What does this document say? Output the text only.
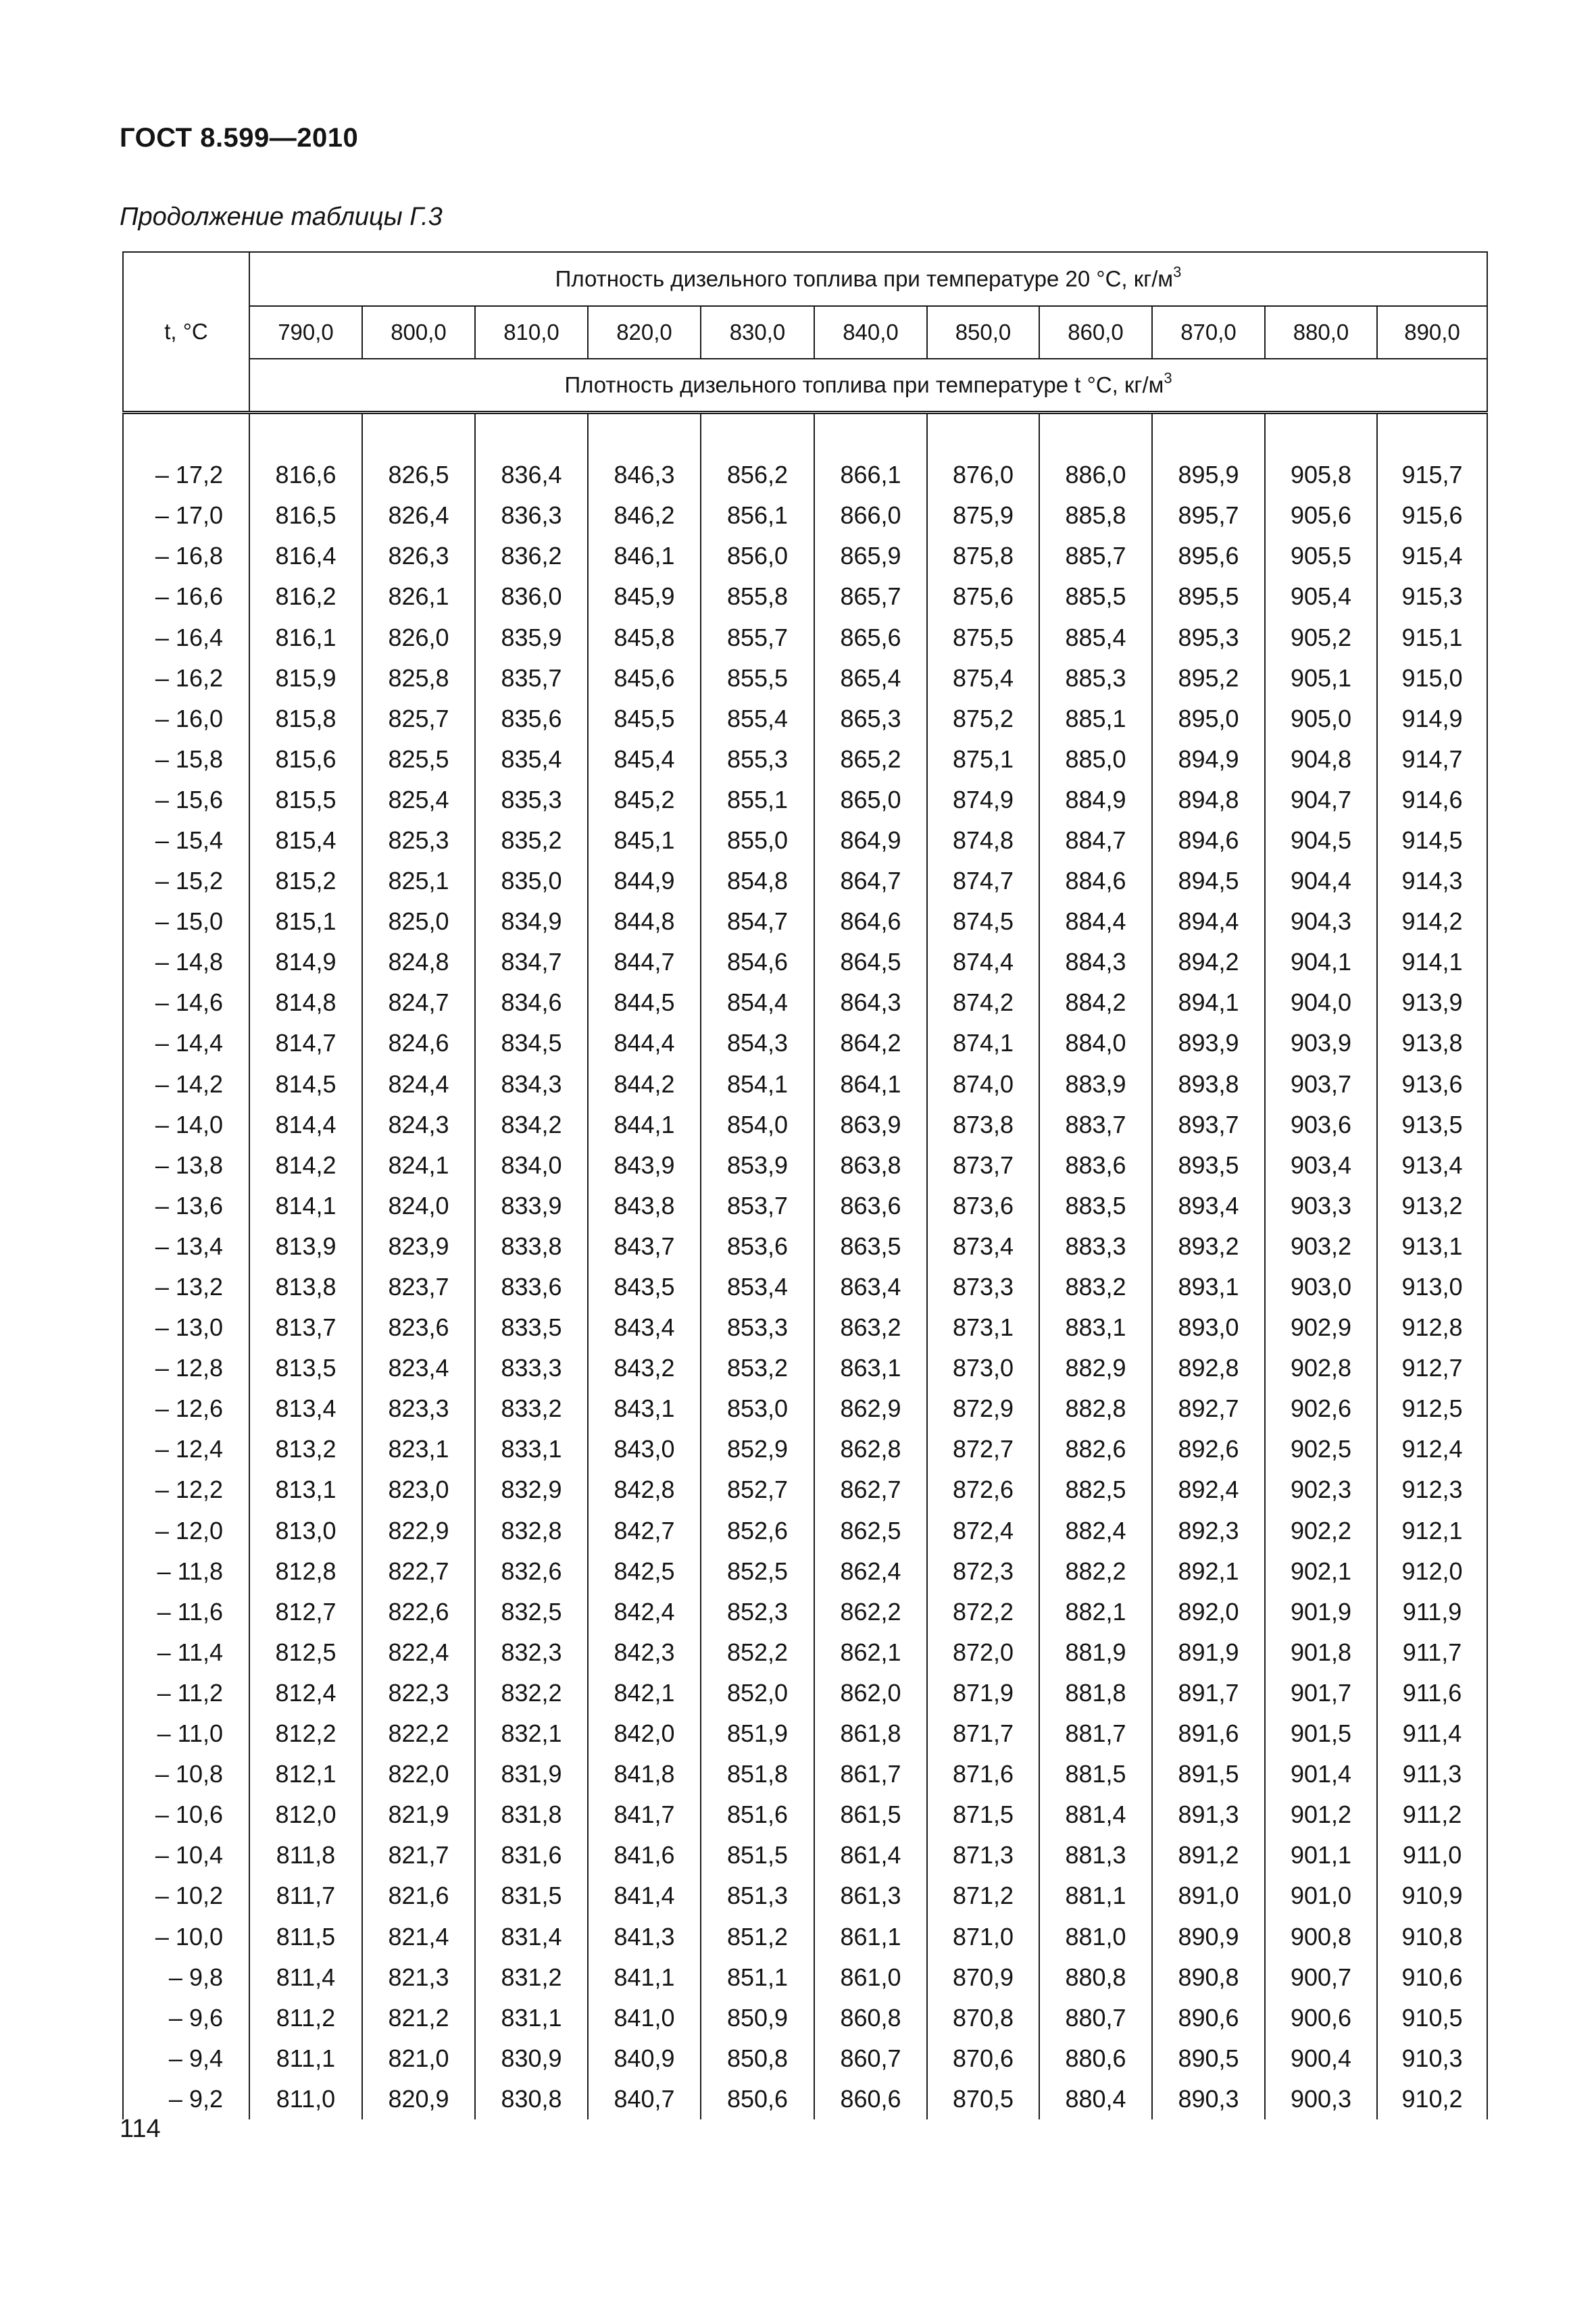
ГОСТ 8.599—2010
Продолжение таблицы Г.3
t, °C	Плотность дизельного топлива при температуре 20 °С, $кг/м^3$
	790,0	800,0	810,0	820,0	830,0	840,0	850,0	860,0	870,0	880,0	890,0
	Плотность дизельного топлива при температуре t °С, $кг/м^3$

– 17,2	816,6	826,5	836,4	846,3	856,2	866,1	876,0	886,0	895,9	905,8	915,7
– 17,0	816,5	826,4	836,3	846,2	856,1	866,0	875,9	885,8	895,7	905,6	915,6
– 16,8	816,4	826,3	836,2	846,1	856,0	865,9	875,8	885,7	895,6	905,5	915,4
– 16,6	816,2	826,1	836,0	845,9	855,8	865,7	875,6	885,5	895,5	905,4	915,3
– 16,4	816,1	826,0	835,9	845,8	855,7	865,6	875,5	885,4	895,3	905,2	915,1
– 16,2	815,9	825,8	835,7	845,6	855,5	865,4	875,4	885,3	895,2	905,1	915,0
– 16,0	815,8	825,7	835,6	845,5	855,4	865,3	875,2	885,1	895,0	905,0	914,9
– 15,8	815,6	825,5	835,4	845,4	855,3	865,2	875,1	885,0	894,9	904,8	914,7
– 15,6	815,5	825,4	835,3	845,2	855,1	865,0	874,9	884,9	894,8	904,7	914,6
– 15,4	815,4	825,3	835,2	845,1	855,0	864,9	874,8	884,7	894,6	904,5	914,5
– 15,2	815,2	825,1	835,0	844,9	854,8	864,7	874,7	884,6	894,5	904,4	914,3
– 15,0	815,1	825,0	834,9	844,8	854,7	864,6	874,5	884,4	894,4	904,3	914,2
– 14,8	814,9	824,8	834,7	844,7	854,6	864,5	874,4	884,3	894,2	904,1	914,1
– 14,6	814,8	824,7	834,6	844,5	854,4	864,3	874,2	884,2	894,1	904,0	913,9
– 14,4	814,7	824,6	834,5	844,4	854,3	864,2	874,1	884,0	893,9	903,9	913,8
– 14,2	814,5	824,4	834,3	844,2	854,1	864,1	874,0	883,9	893,8	903,7	913,6
– 14,0	814,4	824,3	834,2	844,1	854,0	863,9	873,8	883,7	893,7	903,6	913,5
– 13,8	814,2	824,1	834,0	843,9	853,9	863,8	873,7	883,6	893,5	903,4	913,4
– 13,6	814,1	824,0	833,9	843,8	853,7	863,6	873,6	883,5	893,4	903,3	913,2
– 13,4	813,9	823,9	833,8	843,7	853,6	863,5	873,4	883,3	893,2	903,2	913,1
– 13,2	813,8	823,7	833,6	843,5	853,4	863,4	873,3	883,2	893,1	903,0	913,0
– 13,0	813,7	823,6	833,5	843,4	853,3	863,2	873,1	883,1	893,0	902,9	912,8
– 12,8	813,5	823,4	833,3	843,2	853,2	863,1	873,0	882,9	892,8	902,8	912,7
– 12,6	813,4	823,3	833,2	843,1	853,0	862,9	872,9	882,8	892,7	902,6	912,5
– 12,4	813,2	823,1	833,1	843,0	852,9	862,8	872,7	882,6	892,6	902,5	912,4
– 12,2	813,1	823,0	832,9	842,8	852,7	862,7	872,6	882,5	892,4	902,3	912,3
– 12,0	813,0	822,9	832,8	842,7	852,6	862,5	872,4	882,4	892,3	902,2	912,1
– 11,8	812,8	822,7	832,6	842,5	852,5	862,4	872,3	882,2	892,1	902,1	912,0
– 11,6	812,7	822,6	832,5	842,4	852,3	862,2	872,2	882,1	892,0	901,9	911,9
– 11,4	812,5	822,4	832,3	842,3	852,2	862,1	872,0	881,9	891,9	901,8	911,7
– 11,2	812,4	822,3	832,2	842,1	852,0	862,0	871,9	881,8	891,7	901,7	911,6
– 11,0	812,2	822,2	832,1	842,0	851,9	861,8	871,7	881,7	891,6	901,5	911,4
– 10,8	812,1	822,0	831,9	841,8	851,8	861,7	871,6	881,5	891,5	901,4	911,3
– 10,6	812,0	821,9	831,8	841,7	851,6	861,5	871,5	881,4	891,3	901,2	911,2
– 10,4	811,8	821,7	831,6	841,6	851,5	861,4	871,3	881,3	891,2	901,1	911,0
– 10,2	811,7	821,6	831,5	841,4	851,3	861,3	871,2	881,1	891,0	901,0	910,9
– 10,0	811,5	821,4	831,4	841,3	851,2	861,1	871,0	881,0	890,9	900,8	910,8
– 9,8	811,4	821,3	831,2	841,1	851,1	861,0	870,9	880,8	890,8	900,7	910,6
– 9,6	811,2	821,2	831,1	841,0	850,9	860,8	870,8	880,7	890,6	900,6	910,5
– 9,4	811,1	821,0	830,9	840,9	850,8	860,7	870,6	880,6	890,5	900,4	910,3
– 9,2	811,0	820,9	830,8	840,7	850,6	860,6	870,5	880,4	890,3	900,3	910,2
114
